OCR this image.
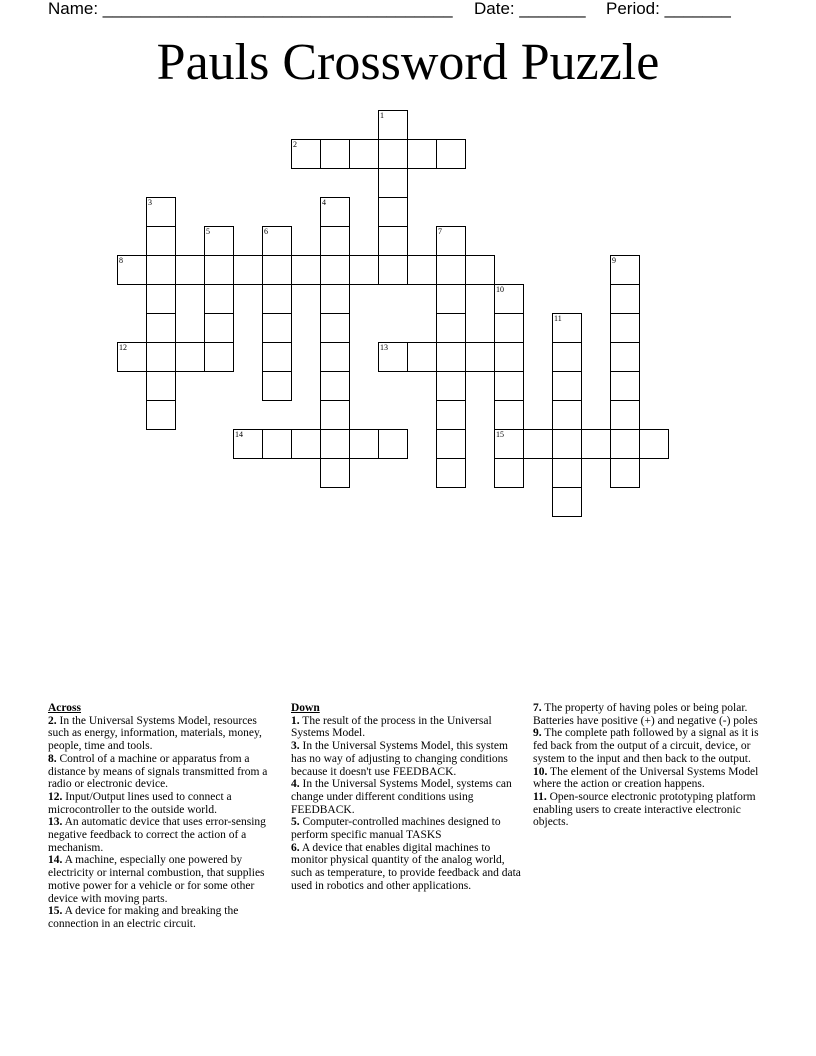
Name: _____________________________________ Date: _______ Period: _______
Pauls Crossword Puzzle
1
2
3	4
5	6	7
8	9
10
15
11
12	13
14
Across
2. In the Universal Systems Model, resources such as energy, information, materials, money, people, time and tools.
8. Control of a machine or apparatus from a distance by means of signals transmitted from a radio or electronic device.
12. Input/Output lines used to connect a microcontroller to the outside world.
13. An automatic device that uses error-sensing negative feedback to correct the action of a mechanism.
14. A machine, especially one powered by electricity or internal combustion, that supplies motive power for a vehicle or for some other device with moving parts.
15. A device for making and breaking the connection in an electric circuit.
Down
1. The result of the process in the Universal Systems Model.
3. In the Universal Systems Model, this system has no way of adjusting to changing conditions because it doesn't use FEEDBACK.
4. In the Universal Systems Model, systems can change under different conditions using FEEDBACK.
5. Computer-controlled machines designed to perform specific manual TASKS
6. A device that enables digital machines to monitor physical quantity of the analog world, such as temperature, to provide feedback and data used in robotics and other applications.
7. The property of having poles or being polar. Batteries have positive (+) and negative (-) poles
9. The complete path followed by a signal as it is fed back from the output of a circuit, device, or system to the input and then back to the output.
10. The element of the Universal Systems Model where the action or creation happens.
11. Open-source electronic prototyping platform enabling users to create interactive electronic objects.
